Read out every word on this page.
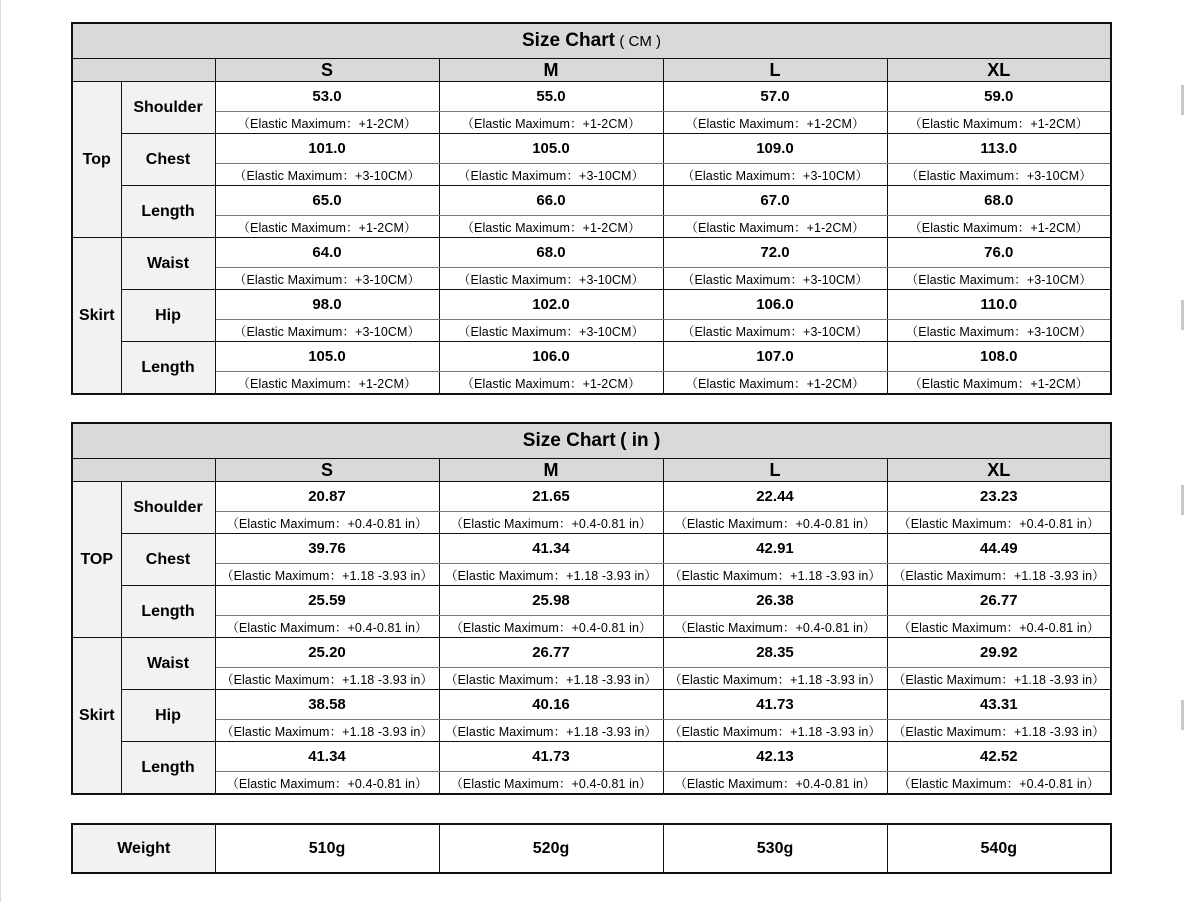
Size Chart ( CM )					
		S	M	L	XL
Top	Shoulder	53.0	55.0	57.0	59.0
		（Elastic Maximum：+1-2CM）	（Elastic Maximum：+1-2CM）	（Elastic Maximum：+1-2CM）	（Elastic Maximum：+1-2CM）
	Chest	101.0	105.0	109.0	113.0
		（Elastic Maximum：+3-10CM）	（Elastic Maximum：+3-10CM）	（Elastic Maximum：+3-10CM）	（Elastic Maximum：+3-10CM）
	Length	65.0	66.0	67.0	68.0
		（Elastic Maximum：+1-2CM）	（Elastic Maximum：+1-2CM）	（Elastic Maximum：+1-2CM）	（Elastic Maximum：+1-2CM）
Skirt	Waist	64.0	68.0	72.0	76.0
		（Elastic Maximum：+3-10CM）	（Elastic Maximum：+3-10CM）	（Elastic Maximum：+3-10CM）	（Elastic Maximum：+3-10CM）
	Hip	98.0	102.0	106.0	110.0
		（Elastic Maximum：+3-10CM）	（Elastic Maximum：+3-10CM）	（Elastic Maximum：+3-10CM）	（Elastic Maximum：+3-10CM）
	Length	105.0	106.0	107.0	108.0
		（Elastic Maximum：+1-2CM）	（Elastic Maximum：+1-2CM）	（Elastic Maximum：+1-2CM）	（Elastic Maximum：+1-2CM）
Size Chart ( in )					
		S	M	L	XL
TOP	Shoulder	20.87	21.65	22.44	23.23
		（Elastic Maximum：+0.4-0.81 in）	（Elastic Maximum：+0.4-0.81 in）	（Elastic Maximum：+0.4-0.81 in）	（Elastic Maximum：+0.4-0.81 in）
	Chest	39.76	41.34	42.91	44.49
		（Elastic Maximum：+1.18 -3.93 in）	（Elastic Maximum：+1.18 -3.93 in）	（Elastic Maximum：+1.18 -3.93 in）	（Elastic Maximum：+1.18 -3.93 in）
	Length	25.59	25.98	26.38	26.77
		（Elastic Maximum：+0.4-0.81 in）	（Elastic Maximum：+0.4-0.81 in）	（Elastic Maximum：+0.4-0.81 in）	（Elastic Maximum：+0.4-0.81 in）
Skirt	Waist	25.20	26.77	28.35	29.92
		（Elastic Maximum：+1.18 -3.93 in）	（Elastic Maximum：+1.18 -3.93 in）	（Elastic Maximum：+1.18 -3.93 in）	（Elastic Maximum：+1.18 -3.93 in）
	Hip	38.58	40.16	41.73	43.31
		（Elastic Maximum：+1.18 -3.93 in）	（Elastic Maximum：+1.18 -3.93 in）	（Elastic Maximum：+1.18 -3.93 in）	（Elastic Maximum：+1.18 -3.93 in）
	Length	41.34	41.73	42.13	42.52
		（Elastic Maximum：+0.4-0.81 in）	（Elastic Maximum：+0.4-0.81 in）	（Elastic Maximum：+0.4-0.81 in）	（Elastic Maximum：+0.4-0.81 in）
Weight	510g	520g	530g	540g
